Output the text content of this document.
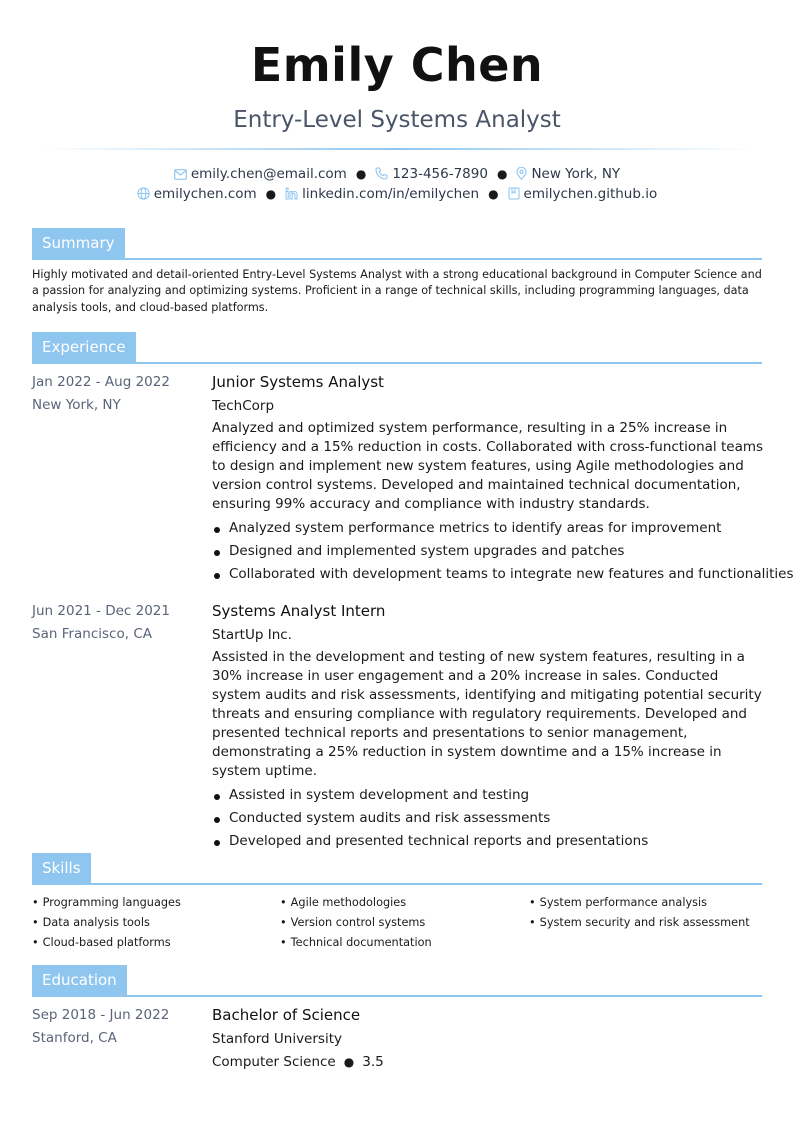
Emily Chen
Entry-Level Systems Analyst
emily.chen@email.com ● 123-456-7890 ● New York, NY
emilychen.com ● linkedin.com/in/emilychen ● emilychen.github.io
Summary
Highly motivated and detail-oriented Entry-Level Systems Analyst with a strong educational background in Computer Science and a passion for analyzing and optimizing systems. Proficient in a range of technical skills, including programming languages, data analysis tools, and cloud-based platforms.
Experience
Jan 2022 - Aug 2022
New York, NY
Junior Systems Analyst
TechCorp
Analyzed and optimized system performance, resulting in a 25% increase in efficiency and a 15% reduction in costs. Collaborated with cross-functional teams to design and implement new system features, using Agile methodologies and version control systems. Developed and maintained technical documentation, ensuring 99% accuracy and compliance with industry standards.
Analyzed system performance metrics to identify areas for improvement
Designed and implemented system upgrades and patches
Collaborated with development teams to integrate new features and functionalities
Jun 2021 - Dec 2021
San Francisco, CA
Systems Analyst Intern
StartUp Inc.
Assisted in the development and testing of new system features, resulting in a 30% increase in user engagement and a 20% increase in sales. Conducted system audits and risk assessments, identifying and mitigating potential security threats and ensuring compliance with regulatory requirements. Developed and presented technical reports and presentations to senior management, demonstrating a 25% reduction in system downtime and a 15% increase in system uptime.
Assisted in system development and testing
Conducted system audits and risk assessments
Developed and presented technical reports and presentations
Skills
• Programming languages
• Data analysis tools
• Cloud-based platforms
• Agile methodologies
• Version control systems
• Technical documentation
• System performance analysis
• System security and risk assessment
Education
Sep 2018 - Jun 2022
Stanford, CA
Bachelor of Science
Stanford University
Computer Science ● 3.5
